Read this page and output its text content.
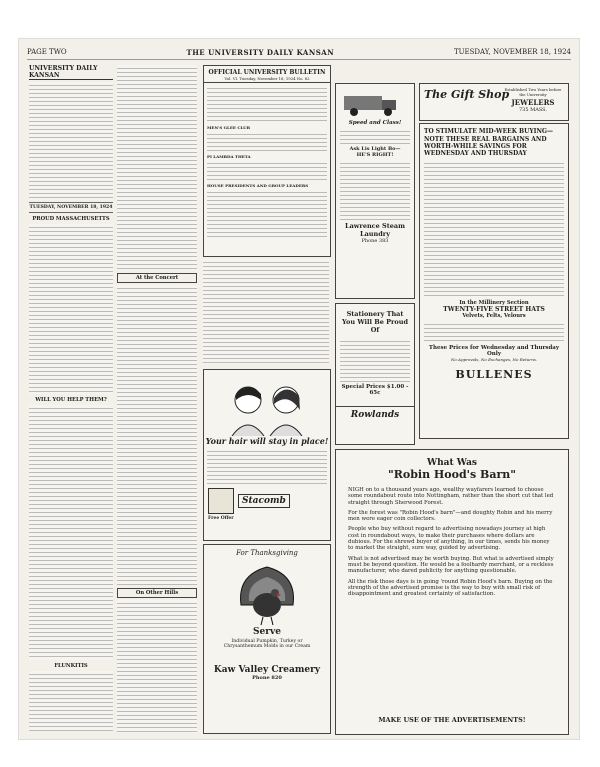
PAGE TWO	THE UNIVERSITY DAILY KANSAN	TUESDAY, NOVEMBER 18, 1924
UNIVERSITY DAILY KANSAN
TUESDAY, NOVEMBER 18, 1924
PROUD MASSACHUSETTS
WILL YOU HELP THEM?
FLUNKITIS
At the Concert
On Other Hills
OFFICIAL UNIVERSITY BULLETIN
Vol. VI. Tuesday, November 18, 1924 No. 62
MEN'S GLEE CLUB
PI LAMBDA THETA
HOUSE PRESIDENTS AND GROUP LEADERS
Your hair will stay in place!
Stacomb
Free Offer
For Thanksgiving
Serve
Individual Pumpkin, Turkey or Chrysanthemum Molds in our Cream
Kaw Valley Creamery
Phone 820
Speed and Class!
Ask Lis Light Bo—
HE'S RIGHT!
Lawrence Steam Laundry
Phone 383
Stationery That You Will Be Proud Of
Special Prices $1.00 - 65c
Rowlands
The Gift Shop
Established Two Years before the University
JEWELERS
735 MASS.
TO STIMULATE MID-WEEK BUYING—
NOTE THESE REAL BARGAINS AND WORTH-WHILE SAVINGS FOR WEDNESDAY AND THURSDAY
In the Millinery Section
TWENTY-FIVE STREET HATS
Velvets, Felts, Velours
These Prices for Wednesday and Thursday Only
No Approvals, No Exchanges, No Returns.
BULLENES
What Was
"Robin Hood's Barn"

NIGH on to a thousand years ago, wealthy wayfarers learned to choose some roundabout route into Nottingham, rather than the short cut that led straight through Sherwood Forest.

For the forest was "Robin Hood's barn"—and doughty Robin and his merry men were eager coin collectors.

People who buy without regard to advertising nowadays journey at high cost in roundabout ways, to make their purchases where dollars are dubious. For the shrewd buyer of anything, in our times, sends his money to market the straight, sure way, guided by advertising.

What is not advertised may be worth buying. But what is advertised simply must be beyond question. He would be a foolhardy merchant, or a reckless manufacturer, who dared publicity for anything questionable.

All the risk those days is in going 'round Robin Hood's barn. Buying on the strength of the advertised promise is the way to buy with small risk of disappointment and greatest certainty of satisfaction.

MAKE USE OF THE ADVERTISEMENTS!
